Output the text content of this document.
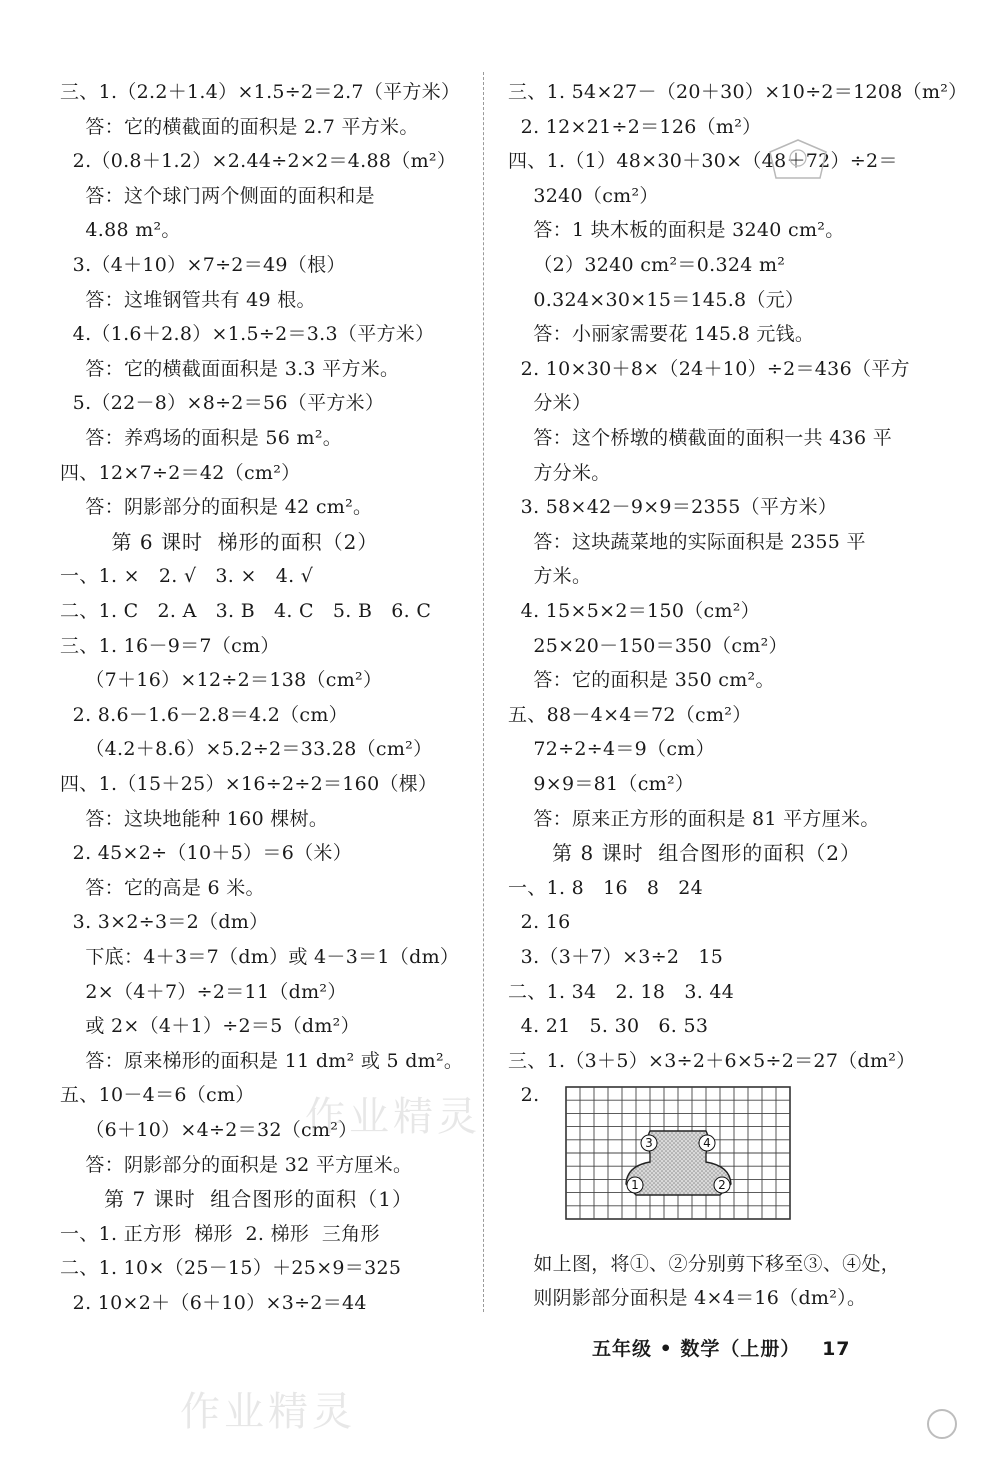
三、1.（2.2＋1.4）×1.5÷2＝2.7（平方米）
答：它的横截面的面积是 2.7 平方米。
2.（0.8＋1.2）×2.44÷2×2＝4.88（m²）
答：这个球门两个侧面的面积和是
4.88 m²。
3.（4＋10）×7÷2＝49（根）
答：这堆钢管共有 49 根。
4.（1.6＋2.8）×1.5÷2＝3.3（平方米）
答：它的横截面面积是 3.3 平方米。
5.（22－8）×8÷2＝56（平方米）
答：养鸡场的面积是 56 m²。
四、12×7÷2＝42（cm²）
答：阴影部分的面积是 42 cm²。
第 6 课时  梯形的面积（2）
一、1. ×   2. √   3. ×   4. √
二、1. C   2. A   3. B   4. C   5. B   6. C
三、1. 16－9＝7（cm）
（7＋16）×12÷2＝138（cm²）
2. 8.6－1.6－2.8＝4.2（cm）
（4.2＋8.6）×5.2÷2＝33.28（cm²）
四、1.（15＋25）×16÷2÷2＝160（棵）
答：这块地能种 160 棵树。
2. 45×2÷（10＋5）＝6（米）
答：它的高是 6 米。
3. 3×2÷3＝2（dm）
下底：4＋3＝7（dm）或 4－3＝1（dm）
2×（4＋7）÷2＝11（dm²）
或 2×（4＋1）÷2＝5（dm²）
答：原来梯形的面积是 11 dm² 或 5 dm²。
五、10－4＝6（cm）
（6＋10）×4÷2＝32（cm²）
答：阴影部分的面积是 32 平方厘米。
第 7 课时  组合图形的面积（1）
一、1. 正方形  梯形  2. 梯形  三角形
二、1. 10×（25－15）＋25×9＝325
2. 10×2＋（6＋10）×3÷2＝44
三、1. 54×27－（20＋30）×10÷2＝1208（m²）
2. 12×21÷2＝126（m²）
四、1.（1）48×30＋30×（48＋72）÷2＝
3240（cm²）
答：1 块木板的面积是 3240 cm²。
（2）3240 cm²＝0.324 m²
0.324×30×15＝145.8（元）
答：小丽家需要花 145.8 元钱。
2. 10×30＋8×（24＋10）÷2＝436（平方
分米）
答：这个桥墩的横截面的面积一共 436 平
方分米。
3. 58×42－9×9＝2355（平方米）
答：这块蔬菜地的实际面积是 2355 平
方米。
4. 15×5×2＝150（cm²）
25×20－150＝350（cm²）
答：它的面积是 350 cm²。
五、88－4×4＝72（cm²）
72÷2÷4＝9（cm）
9×9＝81（cm²）
答：原来正方形的面积是 81 平方厘米。
第 8 课时  组合图形的面积（2）
一、1. 8   16   8   24
2. 16
3.（3＋7）×3÷2   15
二、1. 34   2. 18   3. 44
4. 21   5. 30   6. 53
三、1.（3＋5）×3÷2＋6×5÷2＝27（dm²）
2.
如上图，将①、②分别剪下移至③、④处，
则阴影部分面积是 4×4＝16（dm²）。
3	4
1	2
作业精灵
作业精灵
五年级 • 数学（上册） 17
